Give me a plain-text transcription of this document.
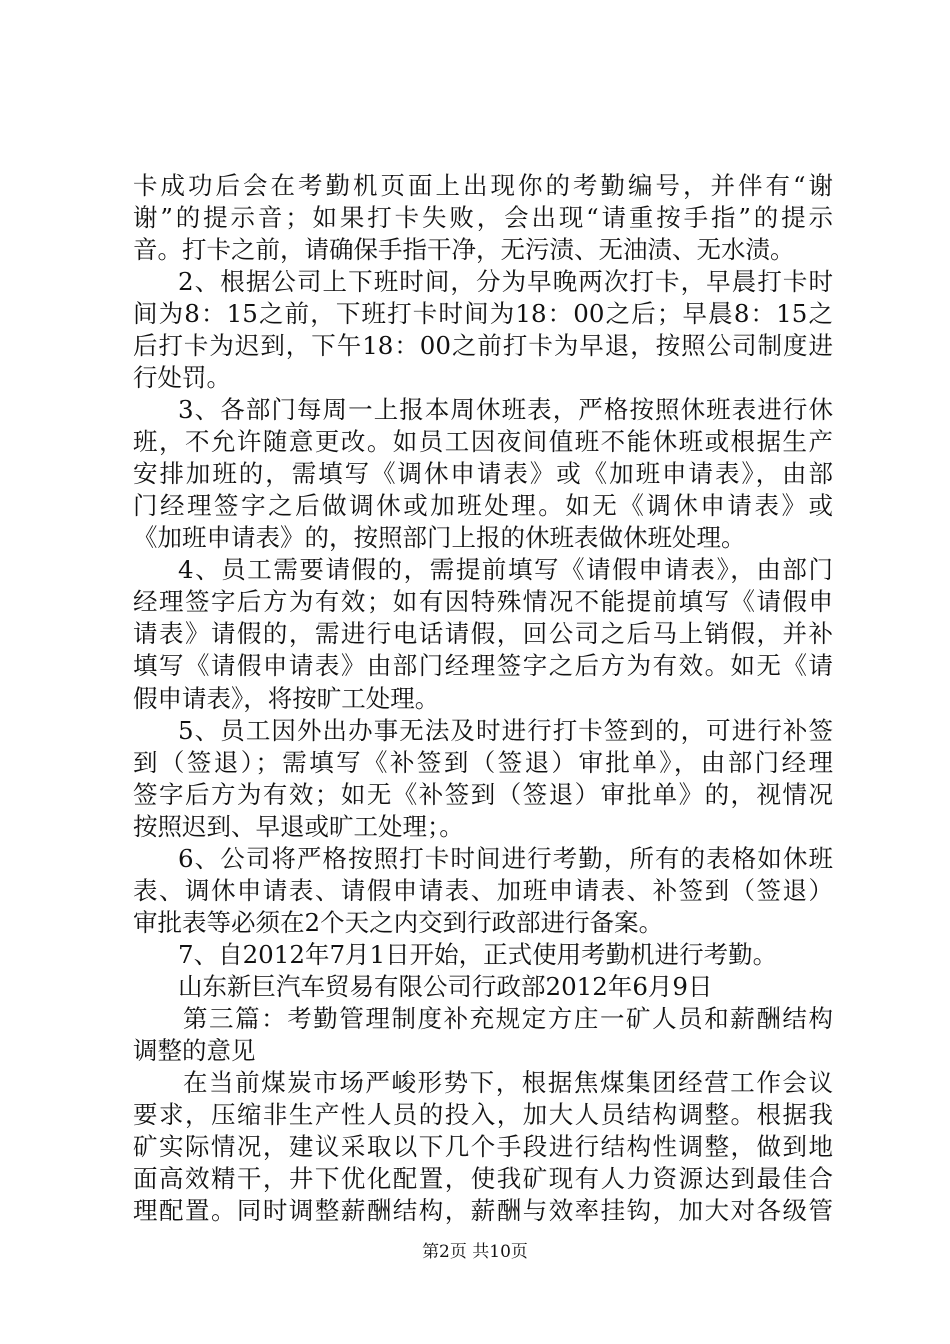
卡成功后会在考勤机页面上出现你的考勤编号，并伴有“谢
谢”的提示音；如果打卡失败，会出现“请重按手指”的提示
音。打卡之前，请确保手指干净，无污渍、无油渍、无水渍。
2、根据公司上下班时间，分为早晚两次打卡，早晨打卡时
间为8：15之前，下班打卡时间为18：00之后；早晨8：15之
后打卡为迟到，下午18：00之前打卡为早退，按照公司制度进
行处罚。
3、各部门每周一上报本周休班表，严格按照休班表进行休
班，不允许随意更改。如员工因夜间值班不能休班或根据生产
安排加班的，需填写《调休申请表》或《加班申请表》，由部
门经理签字之后做调休或加班处理。如无《调休申请表》或
《加班申请表》的，按照部门上报的休班表做休班处理。
4、员工需要请假的，需提前填写《请假申请表》，由部门
经理签字后方为有效；如有因特殊情况不能提前填写《请假申
请表》请假的，需进行电话请假，回公司之后马上销假，并补
填写《请假申请表》由部门经理签字之后方为有效。如无《请
假申请表》，将按旷工处理。
5、员工因外出办事无法及时进行打卡签到的，可进行补签
到（签退）；需填写《补签到（签退）审批单》，由部门经理
签字后方为有效；如无《补签到（签退）审批单》的，视情况
按照迟到、早退或旷工处理；。
6、公司将严格按照打卡时间进行考勤，所有的表格如休班
表、调休申请表、请假申请表、加班申请表、补签到（签退）
审批表等必须在2个天之内交到行政部进行备案。
7、自2012年7月1日开始，正式使用考勤机进行考勤。
山东新巨汽车贸易有限公司行政部2012年6月9日
第三篇：考勤管理制度补充规定方庄一矿人员和薪酬结构
调整的意见
在当前煤炭市场严峻形势下，根据焦煤集团经营工作会议
要求，压缩非生产性人员的投入，加大人员结构调整。根据我
矿实际情况，建议采取以下几个手段进行结构性调整，做到地
面高效精干，井下优化配置，使我矿现有人力资源达到最佳合
理配置。同时调整薪酬结构，薪酬与效率挂钩，加大对各级管
第2页 共10页
